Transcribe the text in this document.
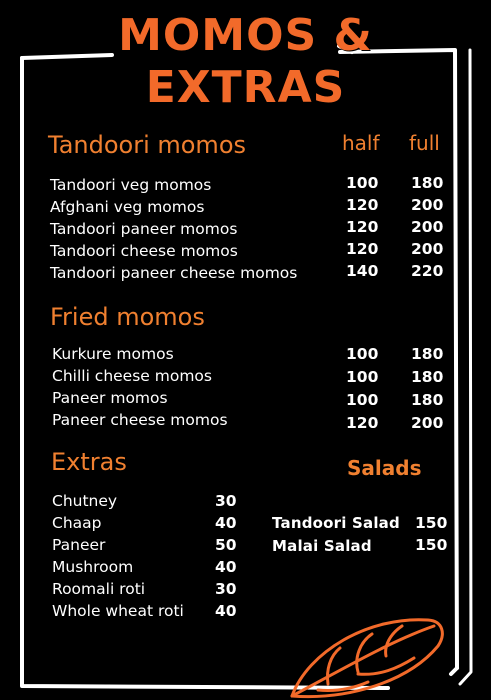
MOMOS &
EXTRAS
Tandoori momos	half full
Tandoori veg momos	100 180
Afghani veg momos	120 200
Tandoori paneer momos	120 200
Tandoori cheese momos	120 200
Tandoori paneer cheese momos	140 220
Fried momos
Kurkure momos	100 180
Chilli cheese momos	100 180
Paneer momos	100 180
Paneer cheese momos	120 200
Extras
Chutney	30
Chaap	40
Paneer	50
Mushroom	40
Roomali roti	30
Whole wheat roti 40
Salads
Tandoori Salad 150
Malai Salad	150
